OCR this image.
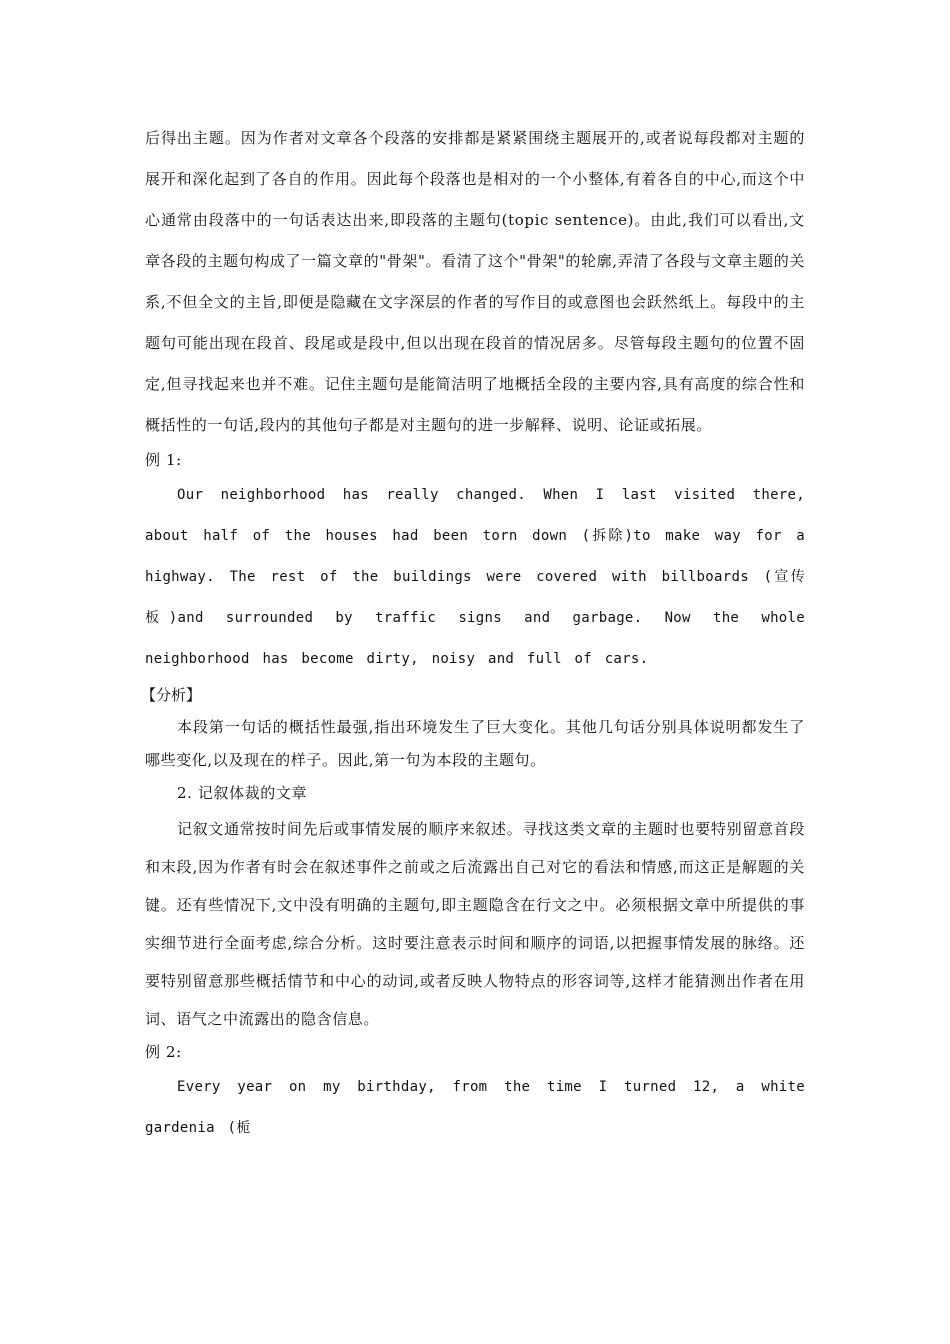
后得出主题。因为作者对文章各个段落的安排都是紧紧围绕主题展开的,或者说每段都对主题的展开和深化起到了各自的作用。因此每个段落也是相对的一个小整体,有着各自的中心,而这个中心通常由段落中的一句话表达出来,即段落的主题句(topic sentence)。由此,我们可以看出,文章各段的主题句构成了一篇文章的"骨架"。看清了这个"骨架"的轮廓,弄清了各段与文章主题的关系,不但全文的主旨,即便是隐藏在文字深层的作者的写作目的或意图也会跃然纸上。每段中的主题句可能出现在段首、段尾或是段中,但以出现在段首的情况居多。尽管每段主题句的位置不固定,但寻找起来也并不难。记住主题句是能简洁明了地概括全段的主要内容,具有高度的综合性和概括性的一句话,段内的其他句子都是对主题句的进一步解释、说明、论证或拓展。

例 1:

Our neighborhood has really changed. When I last visited there, about half of the houses had been torn down (拆除)to make way for a highway. The rest of the buildings were covered with billboards (宣传板)and surrounded by traffic signs and garbage. Now the whole neighborhood has become dirty, noisy and full of cars.

【分析】

本段第一句话的概括性最强,指出环境发生了巨大变化。其他几句话分别具体说明都发生了哪些变化,以及现在的样子。因此,第一句为本段的主题句。

2. 记叙体裁的文章

记叙文通常按时间先后或事情发展的顺序来叙述。寻找这类文章的主题时也要特别留意首段和末段,因为作者有时会在叙述事件之前或之后流露出自己对它的看法和情感,而这正是解题的关键。还有些情况下,文中没有明确的主题句,即主题隐含在行文之中。必须根据文章中所提供的事实细节进行全面考虑,综合分析。这时要注意表示时间和顺序的词语,以把握事情发展的脉络。还要特别留意那些概括情节和中心的动词,或者反映人物特点的形容词等,这样才能猜测出作者在用词、语气之中流露出的隐含信息。

例 2:

Every year on my birthday, from the time I turned 12, a white gardenia (栀
